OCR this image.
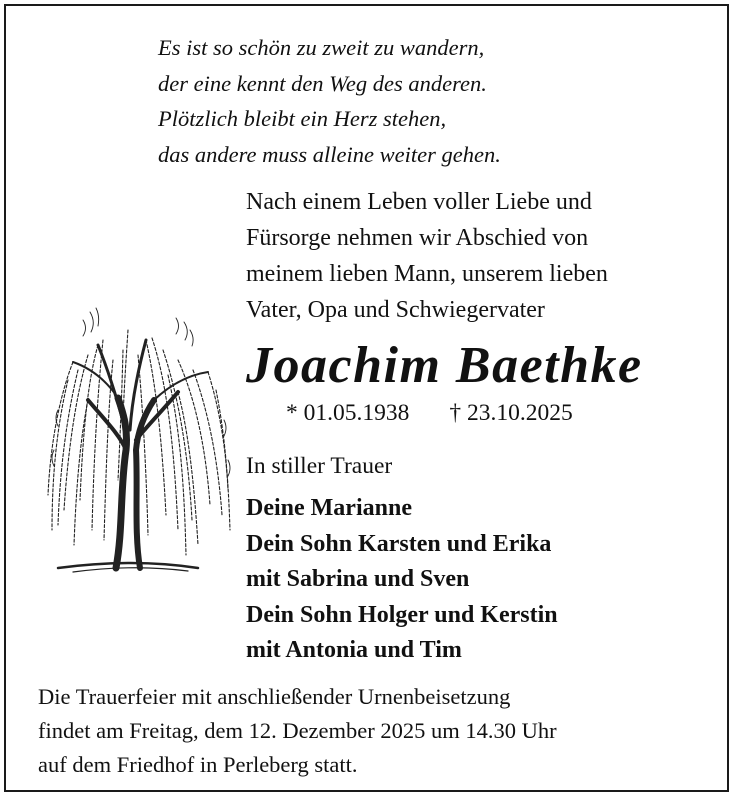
Es ist so schön zu zweit zu wandern,
der eine kennt den Weg des anderen.
Plötzlich bleibt ein Herz stehen,
das andere muss alleine weiter gehen.
Nach einem Leben voller Liebe und
Fürsorge nehmen wir Abschied von
meinem lieben Mann, unserem lieben
Vater, Opa und Schwiegervater
Joachim Baethke
* 01.05.1938 † 23.10.2025
In stiller Trauer
Deine Marianne
Dein Sohn Karsten und Erika
mit Sabrina und Sven
Dein Sohn Holger und Kerstin
mit Antonia und Tim
Die Trauerfeier mit anschließender Urnenbeisetzung
findet am Freitag, dem 12. Dezember 2025 um 14.30 Uhr
auf dem Friedhof in Perleberg statt.
